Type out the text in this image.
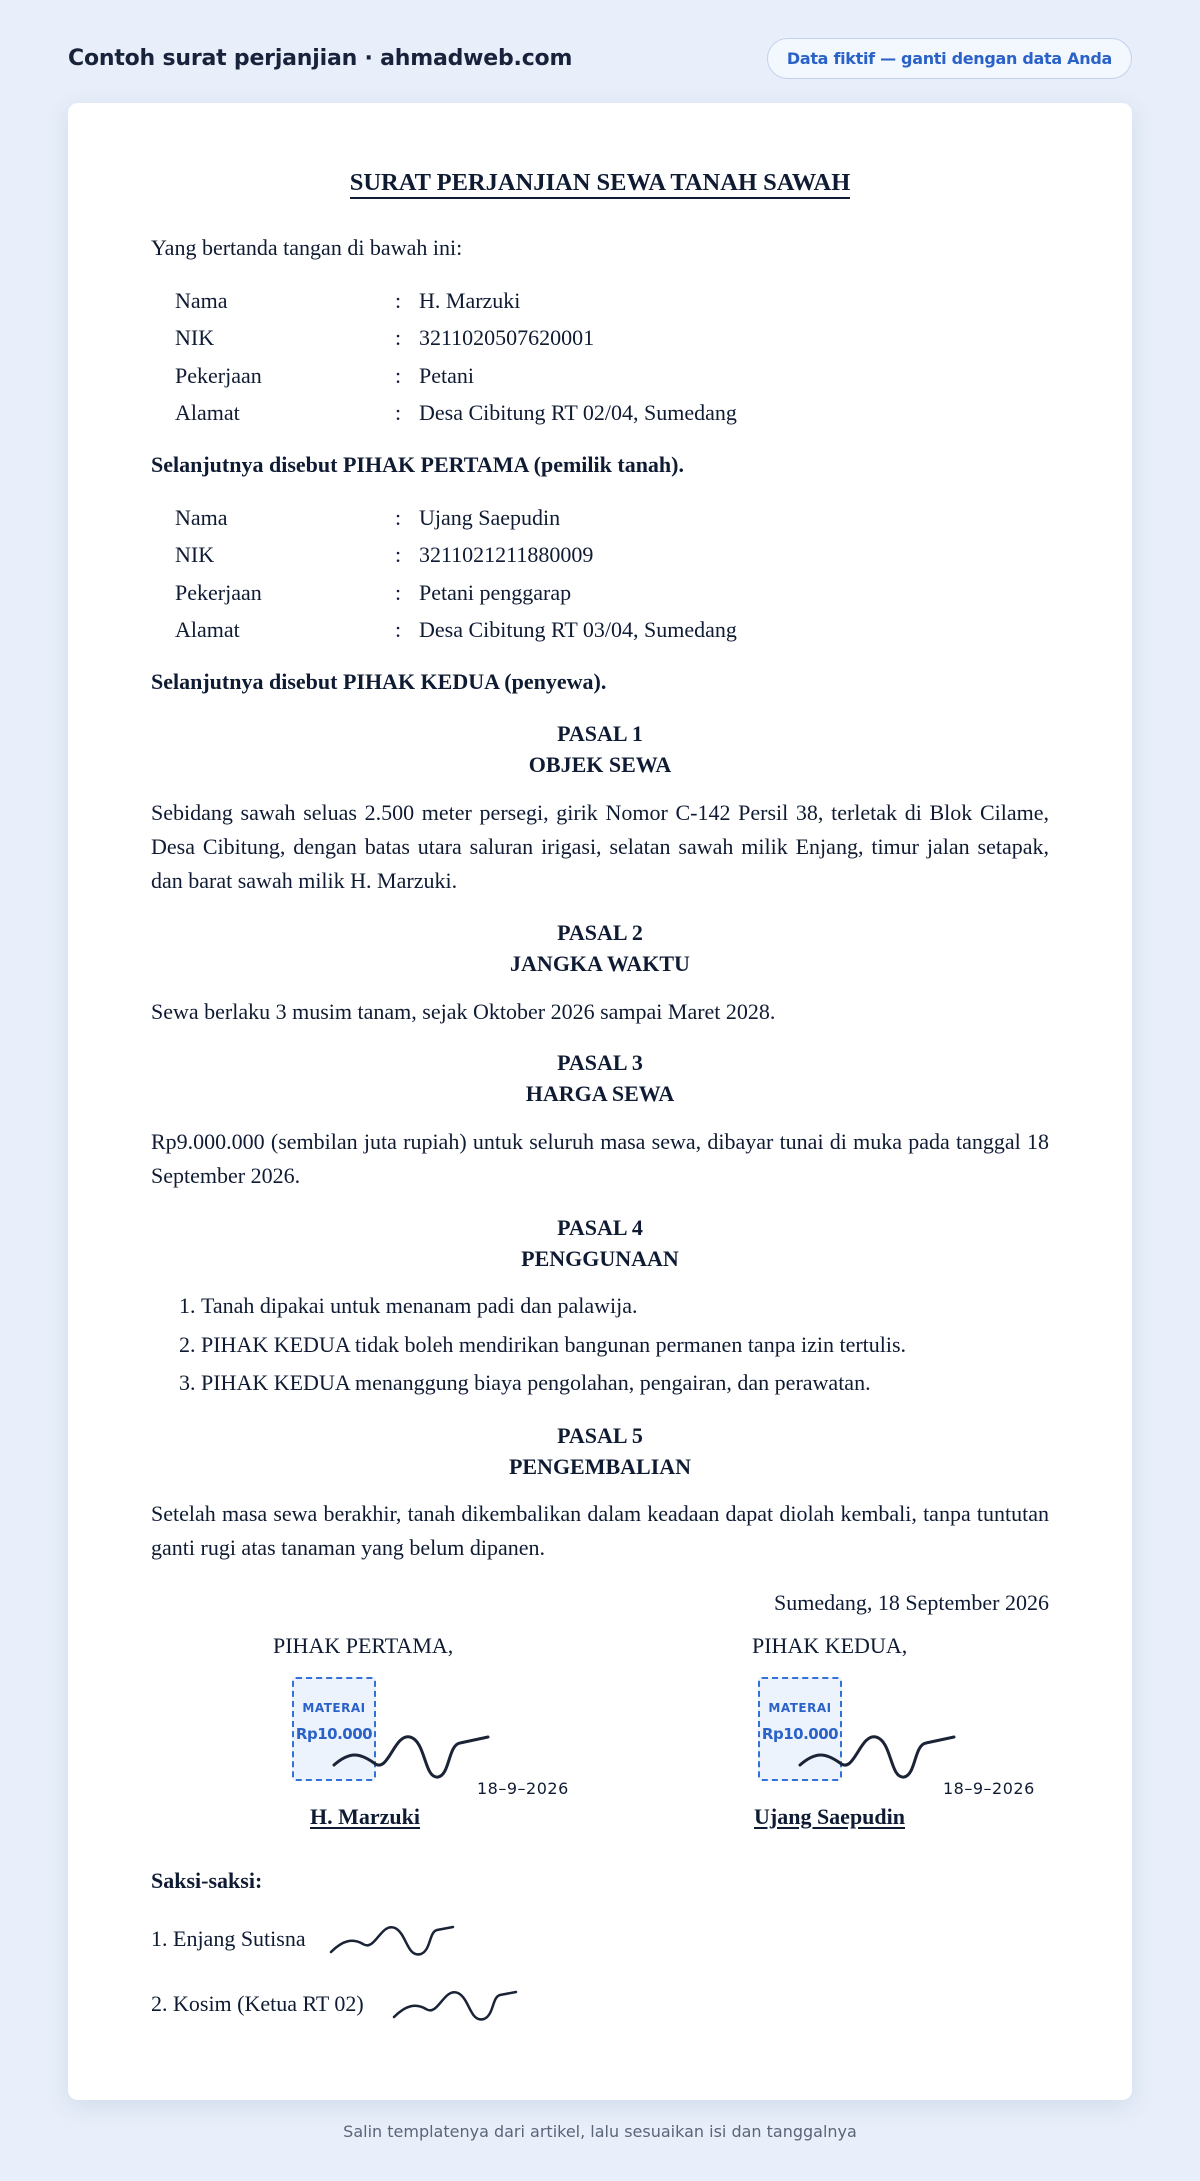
Contoh surat perjanjian · ahmadweb.com	Data fiktif — ganti dengan data Anda
SURAT PERJANJIAN SEWA TANAH SAWAH
Yang bertanda tangan di bawah ini:
Nama	: H. Marzuki
NIK	: 3211020507620001
Pekerjaan	: Petani
Alamat	: Desa Cibitung RT 02/04, Sumedang
Selanjutnya disebut PIHAK PERTAMA (pemilik tanah).
Nama	: Ujang Saepudin
NIK	: 3211021211880009
Pekerjaan	: Petani penggarap
Alamat	: Desa Cibitung RT 03/04, Sumedang
Selanjutnya disebut PIHAK KEDUA (penyewa).
PASAL 1
OBJEK SEWA
Sebidang sawah seluas 2.500 meter persegi, girik Nomor C-142 Persil 38, terletak di Blok Cilame, Desa Cibitung, dengan batas utara saluran irigasi, selatan sawah milik Enjang, timur jalan setapak, dan barat sawah milik H. Marzuki.
PASAL 2
JANGKA WAKTU
Sewa berlaku 3 musim tanam, sejak Oktober 2026 sampai Maret 2028.
PASAL 3
HARGA SEWA
Rp9.000.000 (sembilan juta rupiah) untuk seluruh masa sewa, dibayar tunai di muka pada tanggal 18 September 2026.
PASAL 4
PENGGUNAAN
1. Tanah dipakai untuk menanam padi dan palawija.
2. PIHAK KEDUA tidak boleh mendirikan bangunan permanen tanpa izin tertulis.
3. PIHAK KEDUA menanggung biaya pengolahan, pengairan, dan perawatan.
PASAL 5
PENGEMBALIAN
Setelah masa sewa berakhir, tanah dikembalikan dalam keadaan dapat diolah kembali, tanpa tuntutan ganti rugi atas tanaman yang belum dipanen.
Sumedang, 18 September 2026
PIHAK PERTAMA,
MATERAI
Rp10.000
18–9–2026
H. Marzuki
PIHAK KEDUA,
MATERAI
Rp10.000
18–9–2026
Ujang Saepudin
Saksi-saksi:
1. Enjang Sutisna
2. Kosim (Ketua RT 02)
Salin templatenya dari artikel, lalu sesuaikan isi dan tanggalnya
